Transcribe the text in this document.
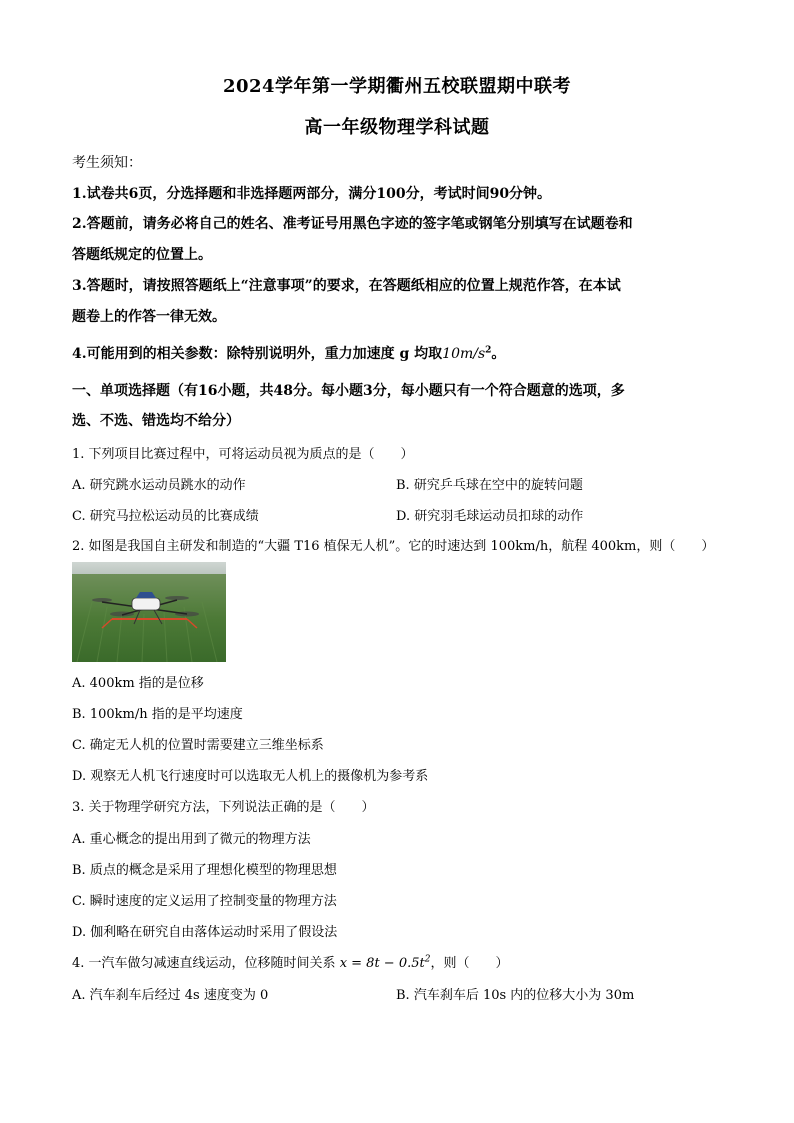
2024学年第一学期衢州五校联盟期中联考
高一年级物理学科试题
考生须知：
1.试卷共6页，分选择题和非选择题两部分，满分100分，考试时间90分钟。
2.答题前，请务必将自己的姓名、准考证号用黑色字迹的签字笔或钢笔分别填写在试题卷和
答题纸规定的位置上。
3.答题时，请按照答题纸上“注意事项”的要求，在答题纸相应的位置上规范作答，在本试
题卷上的作答一律无效。
4.可能用到的相关参数：除特别说明外，重力加速度 g 均取$10m/s^2$。
一、单项选择题（有16小题，共48分。每小题3分，每小题只有一个符合题意的选项，多
选、不选、错选均不给分）
1. 下列项目比赛过程中，可将运动员视为质点的是（　　）
A. 研究跳水运动员跳水的动作	B. 研究乒乓球在空中的旋转问题
C. 研究马拉松运动员的比赛成绩	D. 研究羽毛球运动员扣球的动作
2. 如图是我国自主研发和制造的“大疆 T16 植保无人机”。它的时速达到 100km/h，航程 400km，则（　　）
A. 400km 指的是位移
B. 100km/h 指的是平均速度
C. 确定无人机的位置时需要建立三维坐标系
D. 观察无人机飞行速度时可以选取无人机上的摄像机为参考系
3. 关于物理学研究方法，下列说法正确的是（　　）
A. 重心概念的提出用到了微元的物理方法
B. 质点的概念是采用了理想化模型的物理思想
C. 瞬时速度的定义运用了控制变量的物理方法
D. 伽利略在研究自由落体运动时采用了假设法
4. 一汽车做匀减速直线运动，位移随时间关系 $x = 8t - 0.5t^2$，则（　　）
A. 汽车刹车后经过 4s 速度变为 0	B. 汽车刹车后 10s 内的位移大小为 30m
